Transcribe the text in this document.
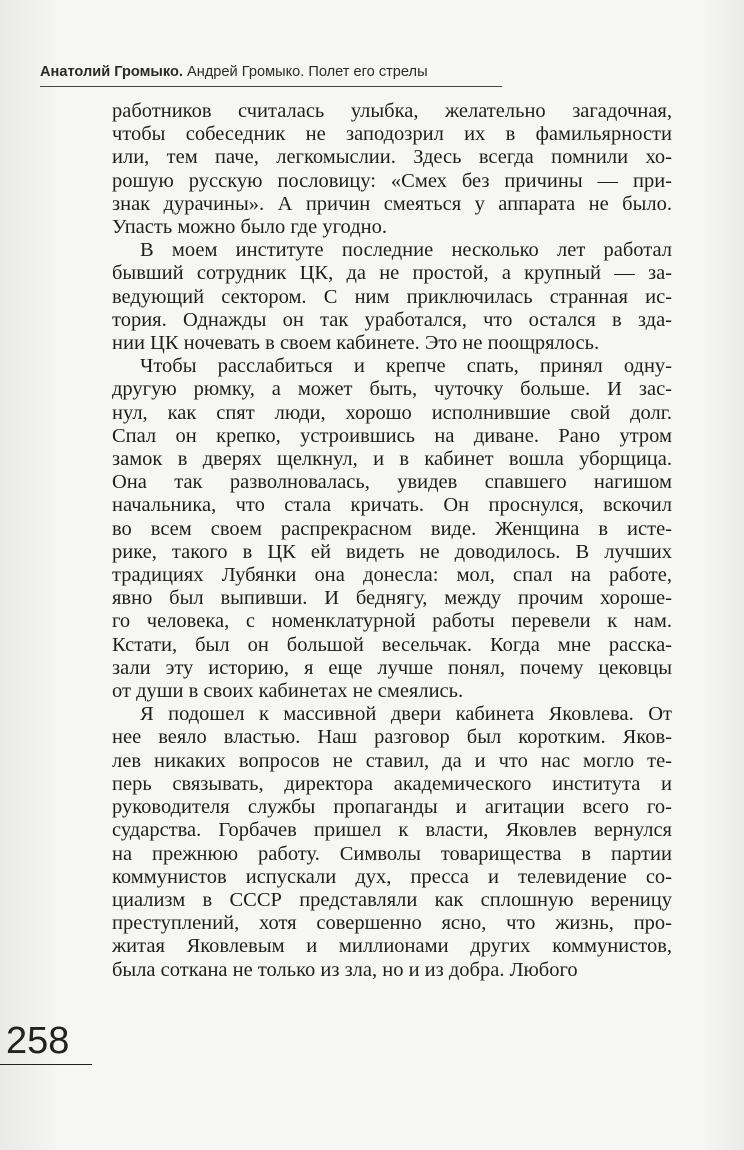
Анатолий Громыко. Андрей Громыко. Полет его стрелы
работников считалась улыбка, желательно загадочная,
чтобы собеседник не заподозрил их в фамильярности
или, тем паче, легкомыслии. Здесь всегда помнили хо-
рошую русскую пословицу: «Смех без причины — при-
знак дурачины». А причин смеяться у аппарата не было.
Упасть можно было где угодно.
В моем институте последние несколько лет работал
бывший сотрудник ЦК, да не простой, а крупный — за-
ведующий сектором. С ним приключилась странная ис-
тория. Однажды он так уработался, что остался в зда-
нии ЦК ночевать в своем кабинете. Это не поощрялось.
Чтобы расслабиться и крепче спать, принял одну-
другую рюмку, а может быть, чуточку больше. И зас-
нул, как спят люди, хорошо исполнившие свой долг.
Спал он крепко, устроившись на диване. Рано утром
замок в дверях щелкнул, и в кабинет вошла уборщица.
Она так разволновалась, увидев спавшего нагишом
начальника, что стала кричать. Он проснулся, вскочил
во всем своем распрекрасном виде. Женщина в исте-
рике, такого в ЦК ей видеть не доводилось. В лучших
традициях Лубянки она донесла: мол, спал на работе,
явно был выпивши. И беднягу, между прочим хороше-
го человека, с номенклатурной работы перевели к нам.
Кстати, был он большой весельчак. Когда мне расска-
зали эту историю, я еще лучше понял, почему цековцы
от души в своих кабинетах не смеялись.
Я подошел к массивной двери кабинета Яковлева. От
нее веяло властью. Наш разговор был коротким. Яков-
лев никаких вопросов не ставил, да и что нас могло те-
перь связывать, директора академического института и
руководителя службы пропаганды и агитации всего го-
сударства. Горбачев пришел к власти, Яковлев вернулся
на прежнюю работу. Символы товарищества в партии
коммунистов испускали дух, пресса и телевидение со-
циализм в СССР представляли как сплошную вереницу
преступлений, хотя совершенно ясно, что жизнь, про-
житая Яковлевым и миллионами других коммунистов,
была соткана не только из зла, но и из добра. Любого
258
